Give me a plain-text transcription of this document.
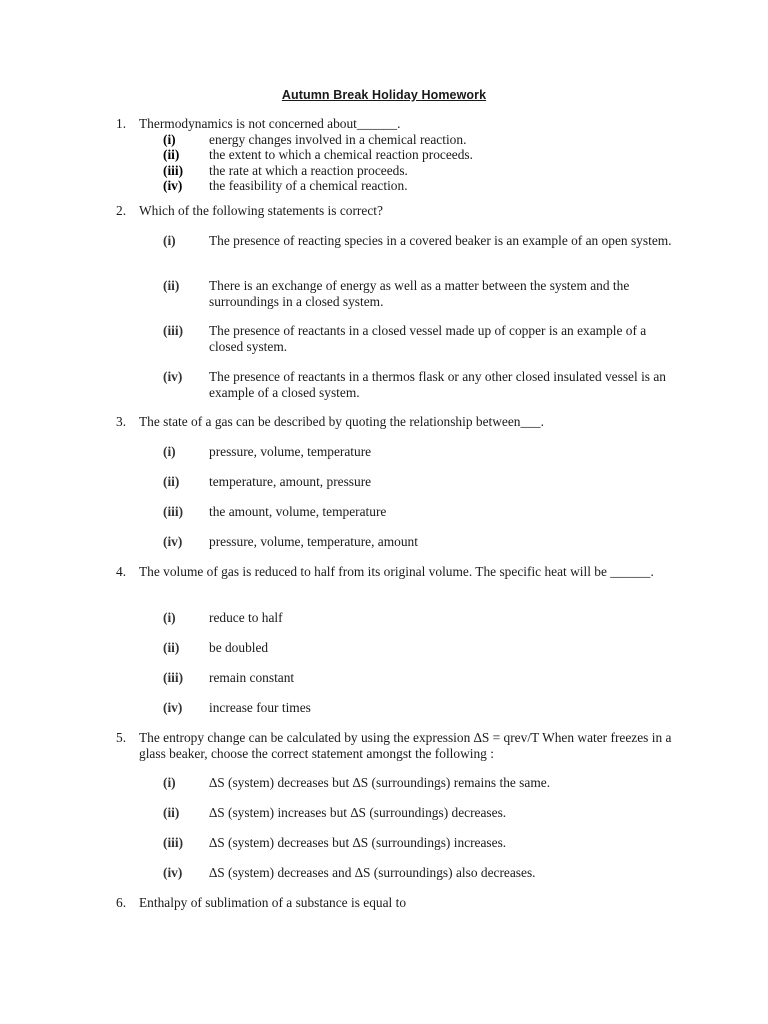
Autumn Break Holiday Homework
1. Thermodynamics is not concerned about______.
(i)	energy changes involved in a chemical reaction.
(ii)	the extent to which a chemical reaction proceeds.
(iii)	the rate at which a reaction proceeds.
(iv)	the feasibility of a chemical reaction.
2. Which of the following statements is correct?
(i)	The presence of reacting species in a covered beaker is an example of an open system.
(ii)	There is an exchange of energy as well as a matter between the system and the surroundings in a closed system.
(iii)	The presence of reactants in a closed vessel made up of copper is an example of a closed system.
(iv)	The presence of reactants in a thermos flask or any other closed insulated vessel is an example of a closed system.
3. The state of a gas can be described by quoting the relationship between___.
(i)	pressure, volume, temperature
(ii)	temperature, amount, pressure
(iii)	the amount, volume, temperature
(iv)	pressure, volume, temperature, amount
4. The volume of gas is reduced to half from its original volume. The specific heat will be ______.
(i)	reduce to half
(ii)	be doubled
(iii)	remain constant
(iv)	increase four times
5. The entropy change can be calculated by using the expression ∆S = qrev/T When water freezes in a glass beaker, choose the correct statement amongst the following :
(i)	∆S (system) decreases but ∆S (surroundings) remains the same.
(ii)	∆S (system) increases but ∆S (surroundings) decreases.
(iii)	∆S (system) decreases but ∆S (surroundings) increases.
(iv)	∆S (system) decreases and ∆S (surroundings) also decreases.
6. Enthalpy of sublimation of a substance is equal to
